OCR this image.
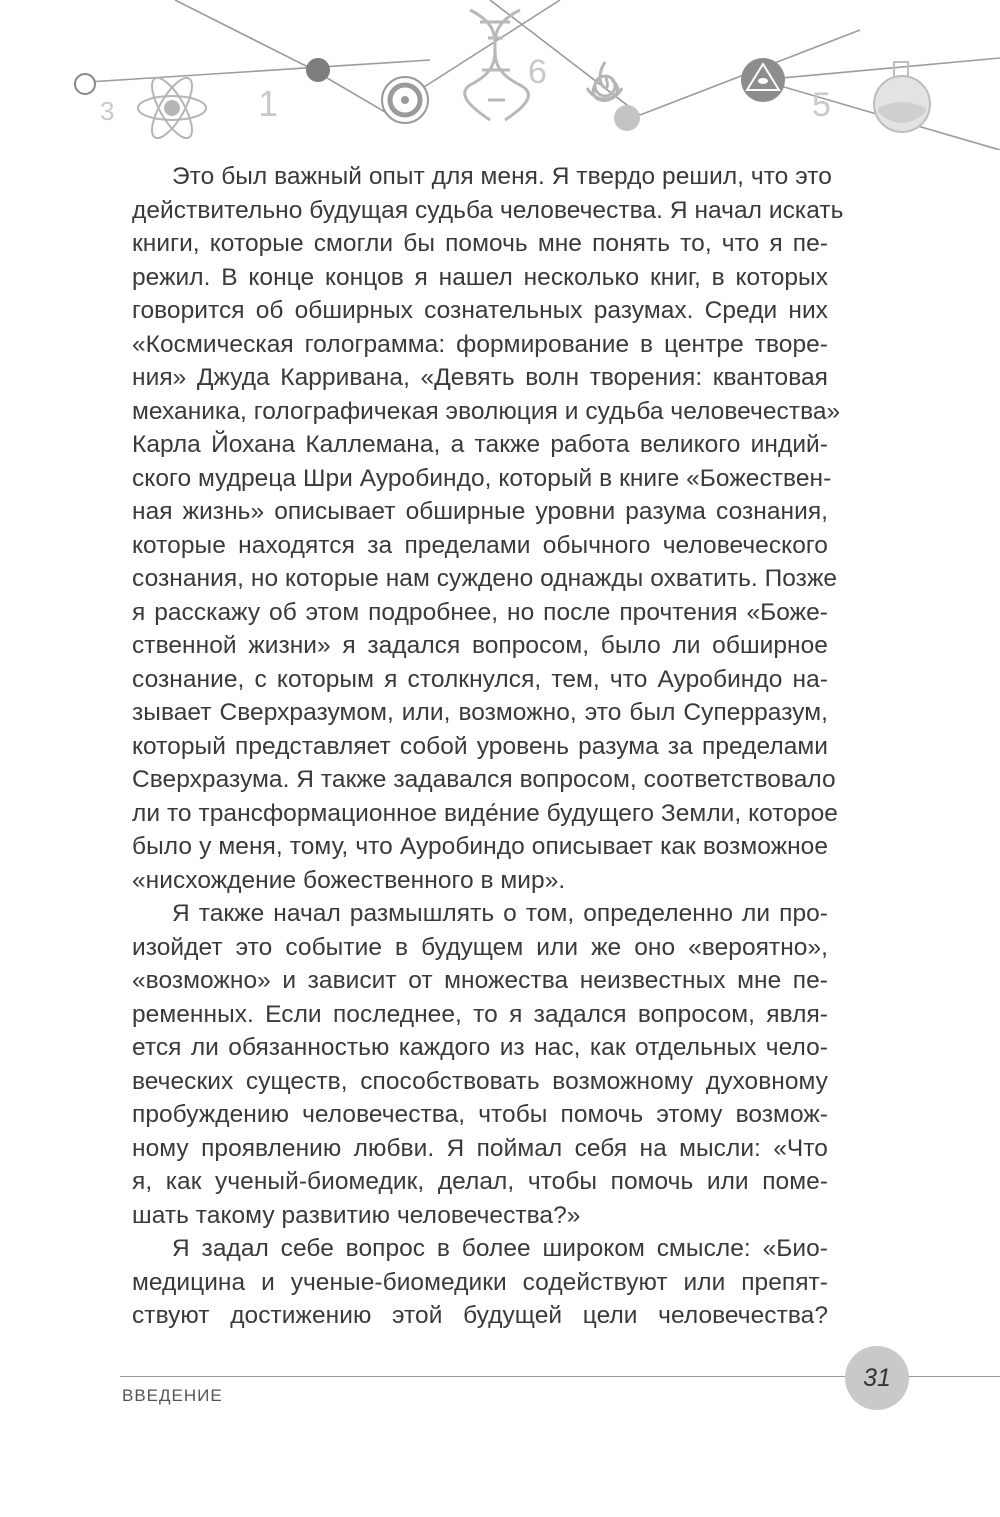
3	1
6
5
Это был важный опыт для меня. Я твердо решил, что это
действительно будущая судьба человечества. Я начал искать
книги, которые смогли бы помочь мне понять то, что я пе-
режил. В конце концов я нашел несколько книг, в которых
говорится об обширных сознательных разумах. Среди них
«Космическая голограмма: формирование в центре творе-
ния» Джуда Карривана, «Девять волн творения: квантовая
механика, голографичекая эволюция и судьба человечества»
Карла Йохана Каллемана, а также работа великого индий-
ского мудреца Шри Ауробиндо, который в книге «Божествен-
ная жизнь» описывает обширные уровни разума сознания,
которые находятся за пределами обычного человеческого
сознания, но которые нам суждено однажды охватить. Позже
я расскажу об этом подробнее, но после прочтения «Боже-
ственной жизни» я задался вопросом, было ли обширное
сознание, с которым я столкнулся, тем, что Ауробиндо на-
зывает Сверхразумом, или, возможно, это был Суперразум,
который представляет собой уровень разума за пределами
Сверхразума. Я также задавался вопросом, соответствовало
ли то трансформационное виде́ние будущего Земли, которое
было у меня, тому, что Ауробиндо описывает как возможное
«нисхождение божественного в мир».
Я также начал размышлять о том, определенно ли про-
изойдет это событие в будущем или же оно «вероятно»,
«возможно» и зависит от множества неизвестных мне пе-
ременных. Если последнее, то я задался вопросом, явля-
ется ли обязанностью каждого из нас, как отдельных чело-
веческих существ, способствовать возможному духовному
пробуждению человечества, чтобы помочь этому возмож-
ному проявлению любви. Я поймал себя на мысли: «Что
я, как ученый-биомедик, делал, чтобы помочь или поме-
шать такому развитию человечества?»
Я задал себе вопрос в более широком смысле: «Био-
медицина и ученые-биомедики содействуют или препят-
ствуют достижению этой будущей цели человечества?
ВВЕДЕНИЕ
31
